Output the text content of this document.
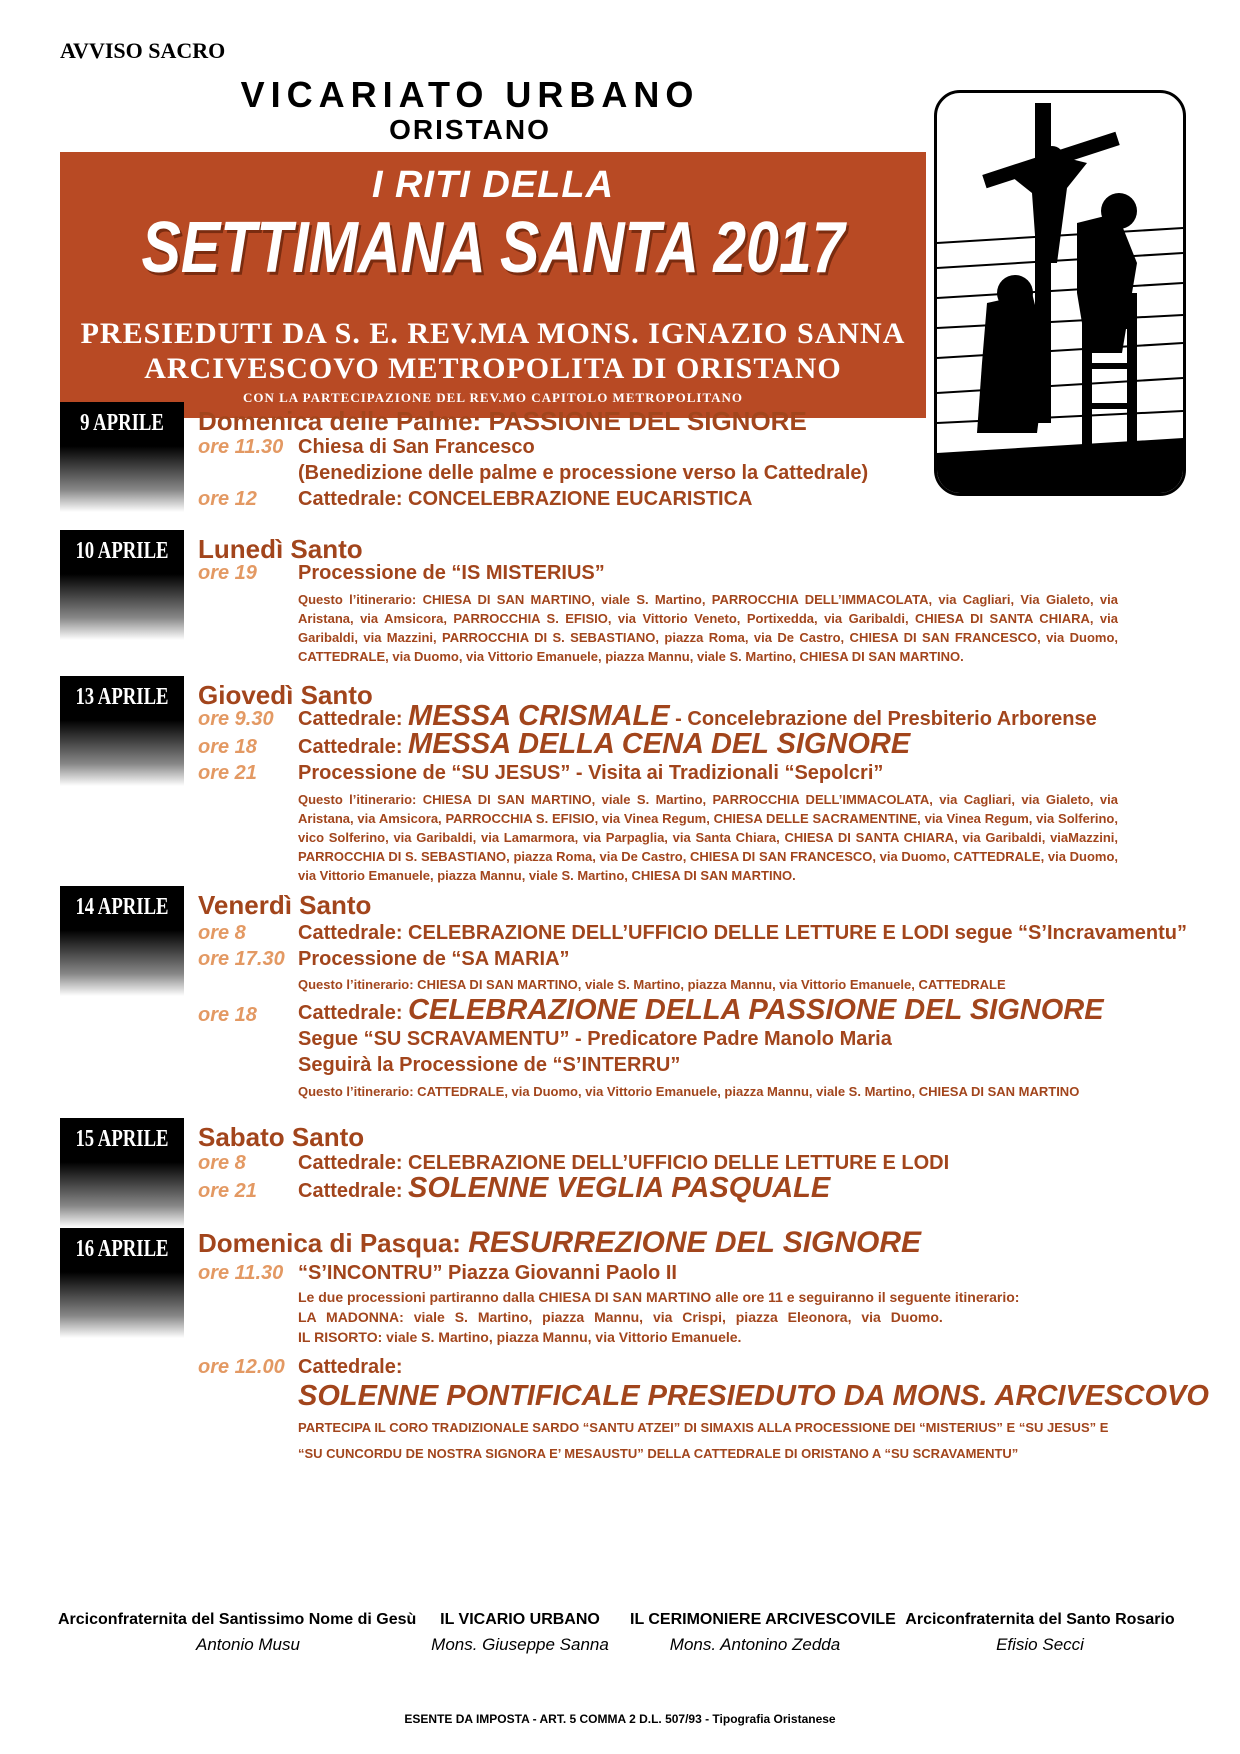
AVVISO SACRO
VICARIATO URBANO
ORISTANO
I RITI DELLA
SETTIMANA SANTA 2017
PRESIEDUTI DA S. E. REV.MA MONS. IGNAZIO SANNA
ARCIVESCOVO METROPOLITA DI ORISTANO
CON LA PARTECIPAZIONE DEL REV.MO CAPITOLO METROPOLITANO
9 APRILE Domenica delle Palme: PASSIONE DEL SIGNORE
ore 11.30 Chiesa di San Francesco
(Benedizione delle palme e processione verso la Cattedrale)
ore 12 Cattedrale: CONCELEBRAZIONE EUCARISTICA
10 APRILE Lunedì Santo
ore 19 Processione de “IS MISTERIUS”
Questo l’itinerario: CHIESA DI SAN MARTINO, viale S. Martino, PARROCCHIA DELL’IMMACOLATA, via Cagliari, Via Gialeto, via Aristana, via Amsicora, PARROCCHIA S. EFISIO, via Vittorio Veneto, Portixedda, via Garibaldi, CHIESA DI SANTA CHIARA, via Garibaldi, via Mazzini, PARROCCHIA DI S. SEBASTIANO, piazza Roma, via De Castro, CHIESA DI SAN FRANCESCO, via Duomo, CATTEDRALE, via Duomo, via Vittorio Emanuele, piazza Mannu, viale S. Martino, CHIESA DI SAN MARTINO.
13 APRILE Giovedì Santo
ore 9.30 Cattedrale: MESSA CRISMALE - Concelebrazione del Presbiterio Arborense
ore 18 Cattedrale: MESSA DELLA CENA DEL SIGNORE
ore 21 Processione de “SU JESUS” - Visita ai Tradizionali “Sepolcri”
Questo l’itinerario: CHIESA DI SAN MARTINO, viale S. Martino, PARROCCHIA DELL’IMMACOLATA, via Cagliari, via Gialeto, via Aristana, via Amsicora, PARROCCHIA S. EFISIO, via Vinea Regum, CHIESA DELLE SACRAMENTINE, via Vinea Regum, via Solferino, vico Solferino, via Garibaldi, via Lamarmora, via Parpaglia, via Santa Chiara, CHIESA DI SANTA CHIARA, via Garibaldi, viaMazzini, PARROCCHIA DI S. SEBASTIANO, piazza Roma, via De Castro, CHIESA DI SAN FRANCESCO, via Duomo, CATTEDRALE, via Duomo, via Vittorio Emanuele, piazza Mannu, viale S. Martino, CHIESA DI SAN MARTINO.
14 APRILE Venerdì Santo
ore 8	Cattedrale: CELEBRAZIONE DELL’UFFICIO DELLE LETTURE E LODI segue “S’Incravamentu”
ore 17.30 Processione de “SA MARIA”
Questo l’itinerario: CHIESA DI SAN MARTINO, viale S. Martino, piazza Mannu, via Vittorio Emanuele, CATTEDRALE
ore 18 Cattedrale: CELEBRAZIONE DELLA PASSIONE DEL SIGNORE
Segue “SU SCRAVAMENTU” - Predicatore Padre Manolo Maria
Seguirà la Processione de “S’INTERRU”
Questo l’itinerario: CATTEDRALE, via Duomo, via Vittorio Emanuele, piazza Mannu, viale S. Martino, CHIESA DI SAN MARTINO
15 APRILE Sabato Santo
ore 8	Cattedrale: CELEBRAZIONE DELL’UFFICIO DELLE LETTURE E LODI
ore 21 Cattedrale: SOLENNE VEGLIA PASQUALE
16 APRILE Domenica di Pasqua: RESURREZIONE DEL SIGNORE
ore 11.30 “S’INCONTRU” Piazza Giovanni Paolo II
Le due processioni partiranno dalla CHIESA DI SAN MARTINO alle ore 11 e seguiranno il seguente itinerario:
LA MADONNA: viale S. Martino, piazza Mannu, via Crispi, piazza Eleonora, via Duomo.
IL RISORTO: viale S. Martino, piazza Mannu, via Vittorio Emanuele.
ore 12.00 Cattedrale:
SOLENNE PONTIFICALE PRESIEDUTO DA MONS. ARCIVESCOVO
PARTECIPA IL CORO TRADIZIONALE SARDO “SANTU ATZEI” DI SIMAXIS ALLA PROCESSIONE DEI “MISTERIUS” E “SU JESUS” E
“SU CUNCORDU DE NOSTRA SIGNORA E’ MESAUSTU” DELLA CATTEDRALE DI ORISTANO A “SU SCRAVAMENTU”
Arciconfraternita del Santissimo Nome di Gesù
Antonio Musu
IL VICARIO URBANO
Mons. Giuseppe Sanna
IL CERIMONIERE ARCIVESCOVILE
Mons. Antonino Zedda
Arciconfraternita del Santo Rosario
Efisio Secci
ESENTE DA IMPOSTA - ART. 5 COMMA 2 D.L. 507/93 - Tipografia Oristanese
